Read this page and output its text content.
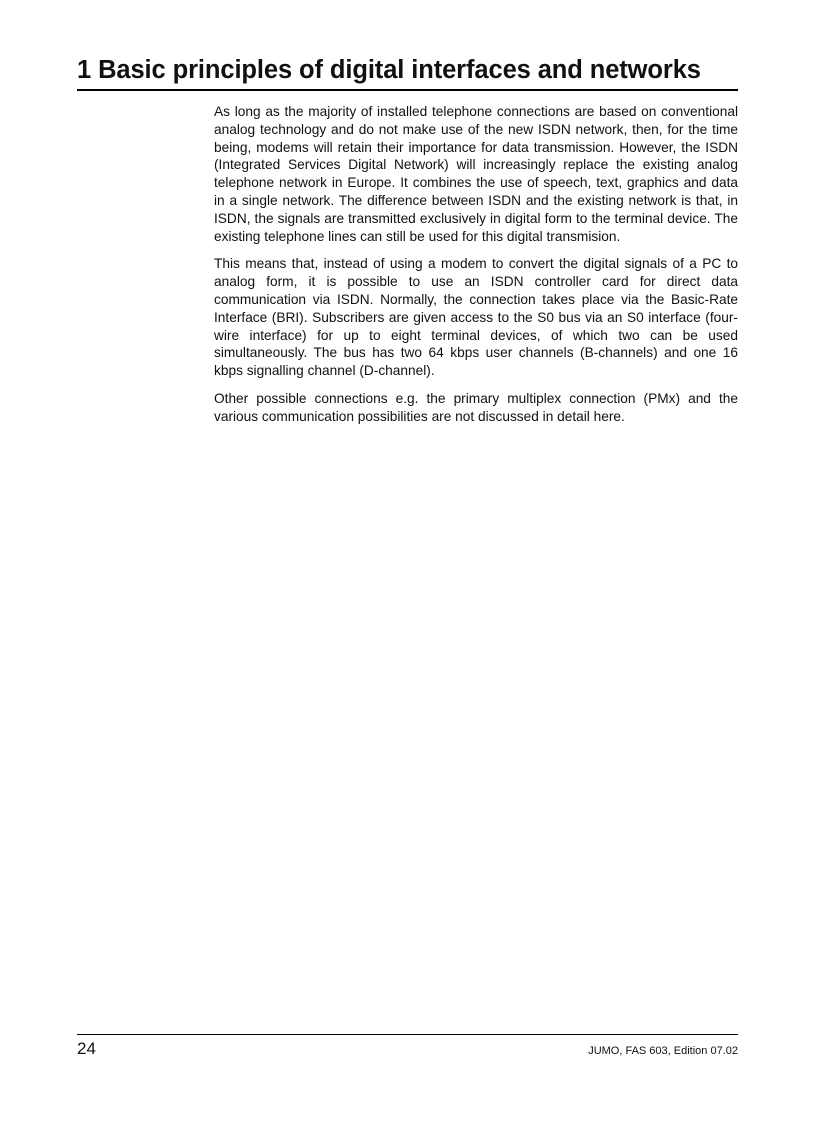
1 Basic principles of digital interfaces and networks

As long as the majority of installed telephone connections are based on conventional analog technology and do not make use of the new ISDN network, then, for the time being, modems will retain their importance for data transmission. However, the ISDN (Integrated Services Digital Network) will increasingly replace the existing analog telephone network in Europe. It combines the use of speech, text, graphics and data in a single network. The difference between ISDN and the existing network is that, in ISDN, the signals are transmitted exclusively in digital form to the terminal device. The existing telephone lines can still be used for this digital transmision.

This means that, instead of using a modem to convert the digital signals of a PC to analog form, it is possible to use an ISDN controller card for direct data communication via ISDN. Normally, the connection takes place via the Basic-Rate Interface (BRI). Subscribers are given access to the S0 bus via an S0 interface (four-wire interface) for up to eight terminal devices, of which two can be used simultaneously. The bus has two 64 kbps user channels (B-channels) and one 16 kbps signalling channel (D-channel).

Other possible connections e.g. the primary multiplex connection (PMx) and the various communication possibilities are not discussed in detail here.

24	JUMO, FAS 603, Edition 07.02
